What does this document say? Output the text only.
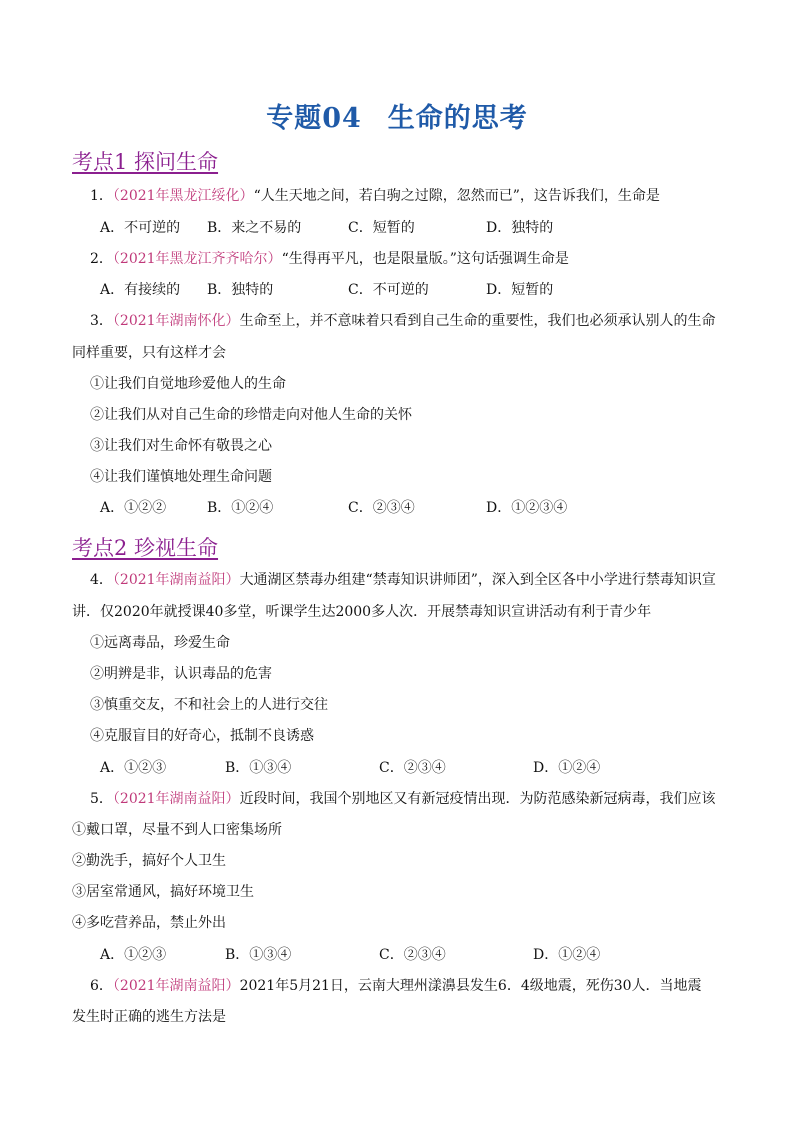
专题04 生命的思考
考点1 探问生命
1．（2021年黑龙江绥化）“人生天地之间，若白驹之过隙，忽然而已”，这告诉我们，生命是
A．不可逆的 B．来之不易的	C．短暂的	D．独特的
2．（2021年黑龙江齐齐哈尔）“生得再平凡，也是限量版。”这句话强调生命是
A．有接续的 B．独特的	C．不可逆的	D．短暂的
3．（2021年湖南怀化）生命至上，并不意味着只看到自己生命的重要性，我们也必须承认别人的生命
同样重要，只有这样才会
①让我们自觉地珍爱他人的生命
②让我们从对自己生命的珍惜走向对他人生命的关怀
③让我们对生命怀有敬畏之心
④让我们谨慎地处理生命问题
A．①②②	B．①②④	C．②③④	D．①②③④
考点2 珍视生命
4．（2021年湖南益阳）大通湖区禁毒办组建“禁毒知识讲师团”，深入到全区各中小学进行禁毒知识宣
讲．仅2020年就授课40多堂，听课学生达2000多人次．开展禁毒知识宣讲活动有利于青少年
①远离毒品，珍爱生命
②明辨是非，认识毒品的危害
③慎重交友，不和社会上的人进行交往
④克服盲目的好奇心，抵制不良诱惑
A．①②③	B．①③④	C．②③④	D．①②④
5．（2021年湖南益阳）近段时间，我国个别地区又有新冠疫情出现．为防范感染新冠病毒，我们应该
①戴口罩，尽量不到人口密集场所
②勤洗手，搞好个人卫生
③居室常通风，搞好环境卫生
④多吃营养品，禁止外出
A．①②③	B．①③④	C．②③④	D．①②④
6．（2021年湖南益阳）2021年5月21日，云南大理州漾濞县发生6．4级地震，死伤30人．当地震
发生时正确的逃生方法是
